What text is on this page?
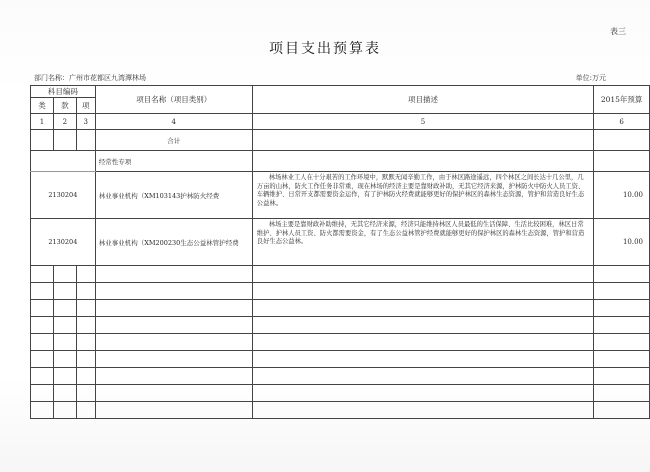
表三
项目支出预算表
部门名称：广州市花都区九湾潭林场	单位:万元
科目编码			项目名称（项目类别）	项目描述	2015年预算
类	款	项			
1	2	3	4	5	6
			合计		
			经常性专项		
2130204			林业事业机构（XM103143护林防火经费	林场林业工人在十分艰苦的工作环境中，默默无闻辛勤工作，由于林区路途遥远，四个林区之间长达十几公里，几万亩的山林，防火工作任务非常重，现在林场的经济主要是靠财政补助，无其它经济来源，护林防火中防火人员工资、车辆维护、日常开支都需要资金运作，有了护林防火经费就能够更好的保护林区的森林生态资源，管护和营造良好生态公益林。	10.00
2130204			林业事业机构（XM200230生态公益林管护经费	林场主要是靠财政补助维持，无其它经济来源，经济只能维持林区人员最低的生活保障、生活比较困难，林区日常维护、护林人员工资、防火都需要资金，有了生态公益林管护经费就能够更好的保护林区的森林生态资源，管护和营造良好生态公益林。	10.00
